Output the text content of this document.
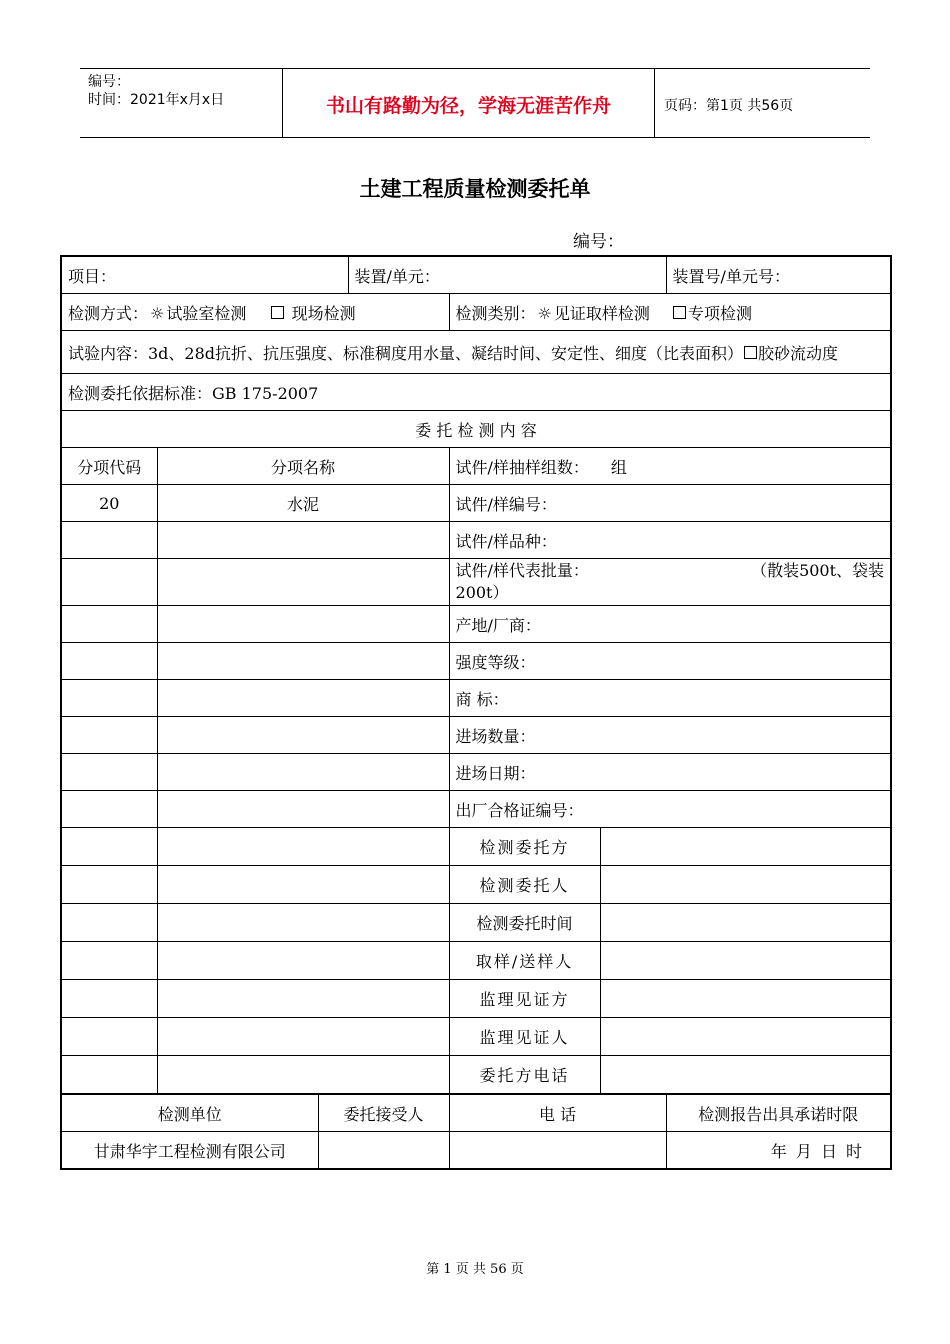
编号：
时间：2021年x月x日	书山有路勤为径，学海无涯苦作舟	页码：第1页 共56页
土建工程质量检测委托单
编号：
项目：			装置/单元：			装置号/单元号：
检测方式： ☼ 试验室检测 现场检测				检测类别： ☼ 见证取样检测 专项检测		
试验内容：3d、28d抗折、抗压强度、标准稠度用水量、凝结时间、安定性、细度（比表面积） 胶砂流动度						
检测委托依据标准：GB 175-2007						
委 托 检 测 内 容						
分项代码	分项名称			试件/样抽样组数： 组		
20	水泥			试件/样编号：		
				试件/样品种：		

				试件/样代表批量： （散装500t、袋装
200t）		

				产地/厂商：		
				强度等级：		
				商 标：		
				进场数量：		
				进场日期：		
				出厂合格证编号：		
				检测委托方		
				检测委托人		
				检测委托时间		
				取样/送样人		
				监理见证方		
				监理见证人		
				委托方电话		
检测单位		委托接受人		电 话		检测报告出具承诺时限
甘肃华宇工程检测有限公司						年 月 日 时
第 1 页 共 56 页
